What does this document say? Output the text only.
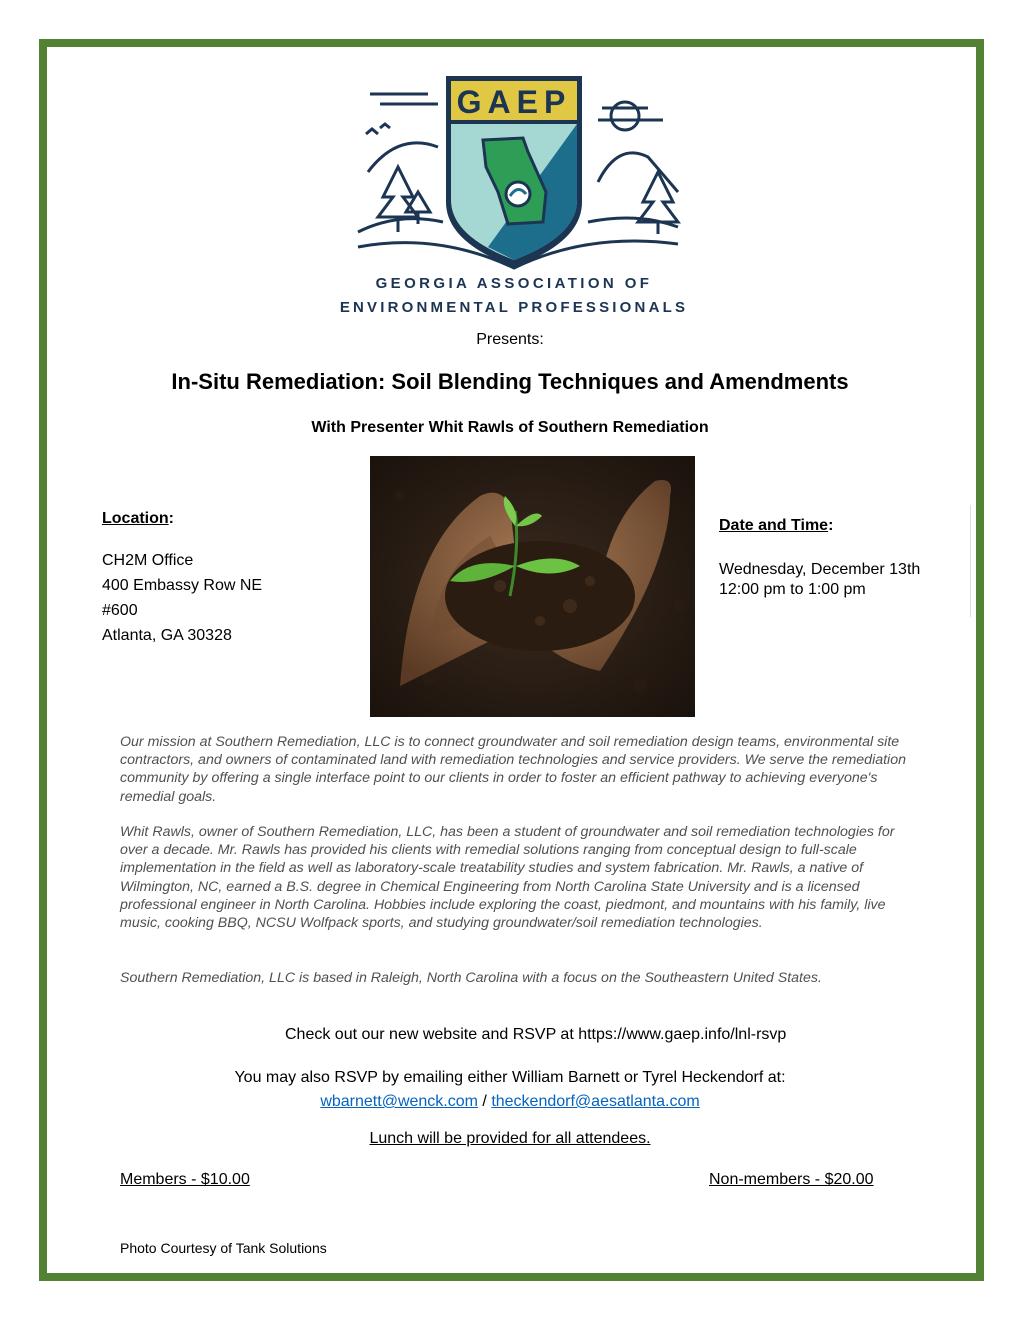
GAEP
GEORGIA ASSOCIATION OF
ENVIRONMENTAL PROFESSIONALS
Presents:
In-Situ Remediation: Soil Blending Techniques and Amendments
With Presenter Whit Rawls of Southern Remediation
Location:
CH2M Office
400 Embassy Row NE
#600
Atlanta, GA 30328
Date and Time:
Wednesday, December 13th
12:00 pm to 1:00 pm
Our mission at Southern Remediation, LLC is to connect groundwater and soil remediation design teams, environmental site contractors, and owners of contaminated land with remediation technologies and service providers. We serve the remediation community by offering a single interface point to our clients in order to foster an efficient pathway to achieving everyone's remedial goals.
Whit Rawls, owner of Southern Remediation, LLC, has been a student of groundwater and soil remediation technologies for over a decade. Mr. Rawls has provided his clients with remedial solutions ranging from conceptual design to full-scale implementation in the field as well as laboratory-scale treatability studies and system fabrication. Mr. Rawls, a native of Wilmington, NC, earned a B.S. degree in Chemical Engineering from North Carolina State University and is a licensed professional engineer in North Carolina. Hobbies include exploring the coast, piedmont, and mountains with his family, live music, cooking BBQ, NCSU Wolfpack sports, and studying groundwater/soil remediation technologies.
Southern Remediation, LLC is based in Raleigh, North Carolina with a focus on the Southeastern United States.
Check out our new website and RSVP at https://www.gaep.info/lnl-rsvp
You may also RSVP by emailing either William Barnett or Tyrel Heckendorf at:
wbarnett@wenck.com / theckendorf@aesatlanta.com
Lunch will be provided for all attendees.
Members - $10.00	Non-members - $20.00
Photo Courtesy of Tank Solutions
